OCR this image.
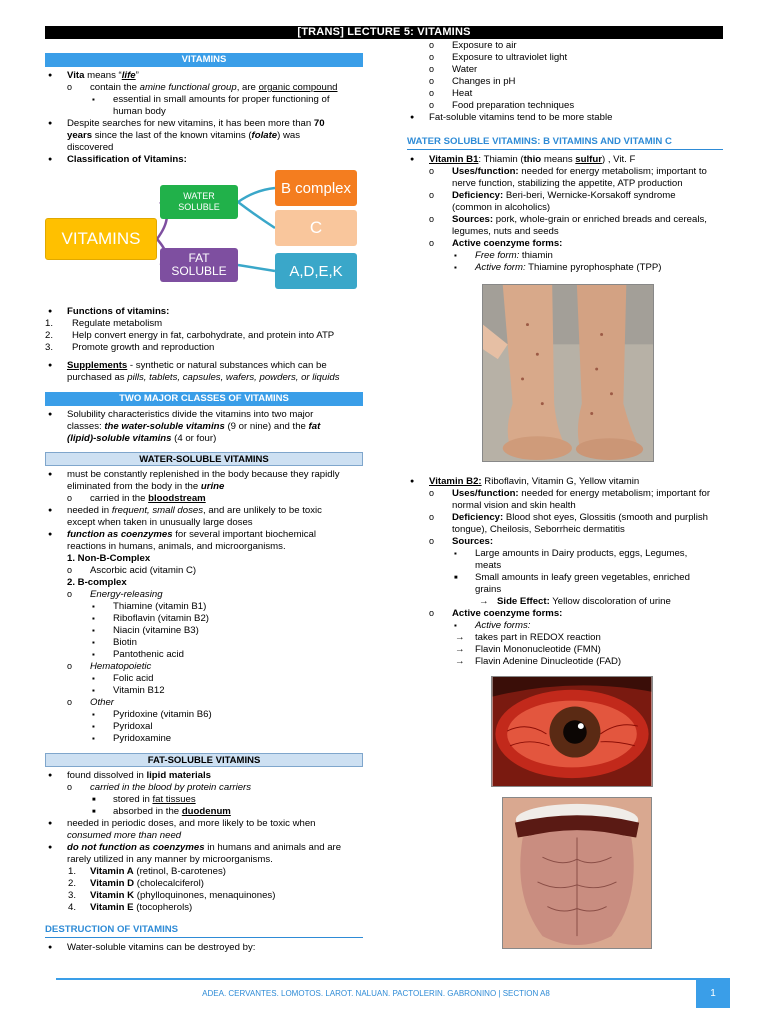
[TRANS] LECTURE 5: VITAMINS
VITAMINS
● Vita means “life”
o contain the amine functional group, are organic compound
▪ essential in small amounts for proper functioning of
human body
● Despite searches for new vitamins, it has been more than 70
years since the last of the known vitamins (folate) was
discovered
● Classification of Vitamins:
VITAMINS
WATER
SOLUBLE
FAT
SOLUBLE
B complex
C
A,D,E,K
● Functions of vitamins:
1. Regulate metabolism
2. Help convert energy in fat, carbohydrate, and protein into ATP
3. Promote growth and reproduction
● Supplements - synthetic or natural substances which can be
purchased as pills, tablets, capsules, wafers, powders, or liquids
TWO MAJOR CLASSES OF VITAMINS
● Solubility characteristics divide the vitamins into two major
classes: the water-soluble vitamins (9 or nine) and the fat
(lipid)-soluble vitamins (4 or four)
WATER-SOLUBLE VITAMINS
● must be constantly replenished in the body because they rapidly
eliminated from the body in the urine
o carried in the bloodstream
● needed in frequent, small doses, and are unlikely to be toxic
except when taken in unusually large doses
● function as coenzymes for several important biochemical
reactions in humans, animals, and microorganisms.
1. Non-B-Complex
o Ascorbic acid (vitamin C)
2. B-complex
o Energy-releasing
▪ Thiamine (vitamin B1)
▪ Riboflavin (vitamin B2)
▪ Niacin (vitamine B3)
▪ Biotin
▪ Pantothenic acid
o Hematopoietic
▪ Folic acid
▪ Vitamin B12
o Other
▪ Pyridoxine (vitamin B6)
▪ Pyridoxal
▪ Pyridoxamine
FAT-SOLUBLE VITAMINS
● found dissolved in lipid materials
o carried in the blood by protein carriers
■ stored in fat tissues
■ absorbed in the duodenum
● needed in periodic doses, and more likely to be toxic when
consumed more than need
● do not function as coenzymes in humans and animals and are
rarely utilized in any manner by microorganisms.
1. Vitamin A (retinol, B-carotenes)
2. Vitamin D (cholecalciferol)
3. Vitamin K (phylloquinones, menaquinones)
4. Vitamin E (tocopherols)
DESTRUCTION OF VITAMINS
● Water-soluble vitamins can be destroyed by:
o Exposure to air
o Exposure to ultraviolet light
o Water
o Changes in pH
o Heat
o Food preparation techniques
● Fat-soluble vitamins tend to be more stable
WATER SOLUBLE VITAMINS: B VITAMINS AND VITAMIN C
● Vitamin B1: Thiamin (thio means sulfur) , Vit. F
o Uses/function: needed for energy metabolism; important to
nerve function, stabilizing the appetite, ATP production
o Deficiency: Beri-beri, Wernicke-Korsakoff syndrome
(common in alcoholics)
o Sources: pork, whole-grain or enriched breads and cereals,
legumes, nuts and seeds
o Active coenzyme forms:
▪ Free form: thiamin
▪ Active form: Thiamine pyrophosphate (TPP)
● Vitamin B2: Riboflavin, Vitamin G, Yellow vitamin
o Uses/function: needed for energy metabolism; important for
normal vision and skin health
o Deficiency: Blood shot eyes, Glossitis (smooth and purplish
tongue), Cheilosis, Seborrheic dermatitis
o Sources:
▪ Large amounts in Dairy products, eggs, Legumes,
meats
■ Small amounts in leafy green vegetables, enriched
grains
→ Side Effect: Yellow discoloration of urine
o Active coenzyme forms:
▪ Active forms:
→ takes part in REDOX reaction
→ Flavin Mononucleotide (FMN)
→ Flavin Adenine Dinucleotide (FAD)
ADEA. CERVANTES. LOMOTOS. LAROT. NALUAN. PACTOLERIN. GABRONINO | SECTION A8	1
